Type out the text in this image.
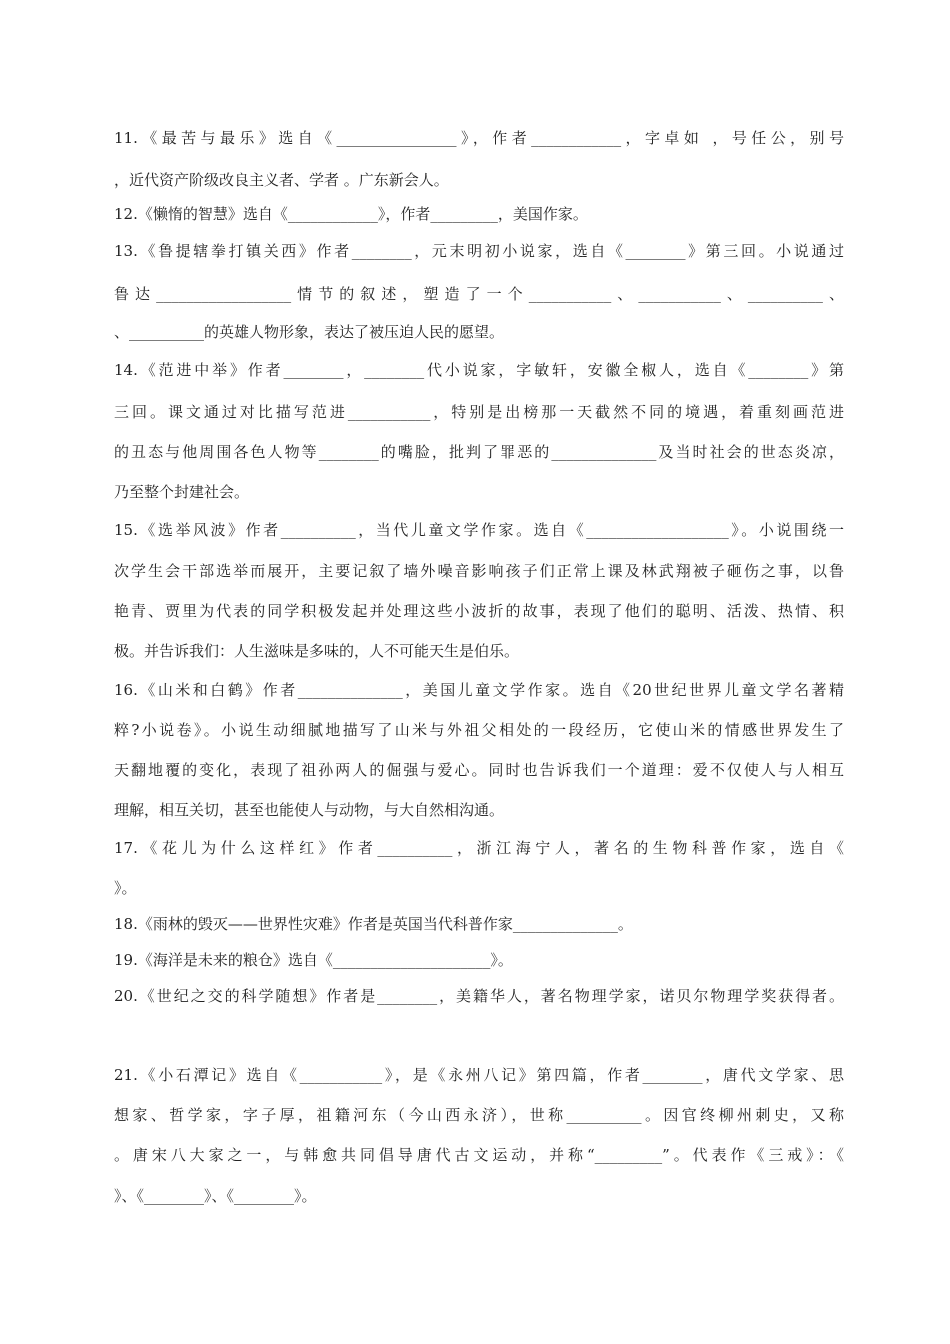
11.《最苦与最乐》选自《________________》，作者____________，字卓如 ，号任公，别号
，近代资产阶级改良主义者、学者 。广东新会人。
12.《懒惰的智慧》选自《____________》，作者_________，美国作家。
13.《鲁提辖拳打镇关西》作者________，元末明初小说家，选自《________》第三回。小说通过
鲁达__________________情节的叙述，塑造了一个___________、___________、__________、
、__________的英雄人物形象，表达了被压迫人民的愿望。
14.《范进中举》作者________，________代小说家，字敏轩，安徽全椒人，选自《________》第
三回。课文通过对比描写范进___________，特别是出榜那一天截然不同的境遇，着重刻画范进
的丑态与他周围各色人物等________的嘴脸，批判了罪恶的______________及当时社会的世态炎凉，
乃至整个封建社会。
15.《选举风波》作者__________，当代儿童文学作家。选自《___________________》。小说围绕一
次学生会干部选举而展开，主要记叙了墙外噪音影响孩子们正常上课及林武翔被子砸伤之事，以鲁
艳青、贾里为代表的同学积极发起并处理这些小波折的故事，表现了他们的聪明、活泼、热情、积
极。并告诉我们：人生滋味是多味的，人不可能天生是伯乐。
16.《山米和白鹤》作者______________，美国儿童文学作家。选自《20世纪世界儿童文学名著精
粹?小说卷》。小说生动细腻地描写了山米与外祖父相处的一段经历，它使山米的情感世界发生了
天翻地覆的变化，表现了祖孙两人的倔强与爱心。同时也告诉我们一个道理：爱不仅使人与人相互
理解，相互关切，甚至也能使人与动物，与大自然相沟通。
17.《花儿为什么这样红》作者__________，浙江海宁人，著名的生物科普作家，选自《
》。
18.《雨林的毁灭——世界性灾难》作者是英国当代科普作家______________。
19.《海洋是未来的粮仓》选自《_____________________》。
20.《世纪之交的科学随想》作者是________，美籍华人，著名物理学家，诺贝尔物理学奖获得者。
21.《小石潭记》选自《___________》，是《永州八记》第四篇，作者________，唐代文学家、思
想家、哲学家，字子厚，祖籍河东（今山西永济），世称__________。因官终柳州刺史，又称
。唐宋八大家之一，与韩愈共同倡导唐代古文运动，并称“_________”。代表作《三戒》：《
》、《________》、《________》。
